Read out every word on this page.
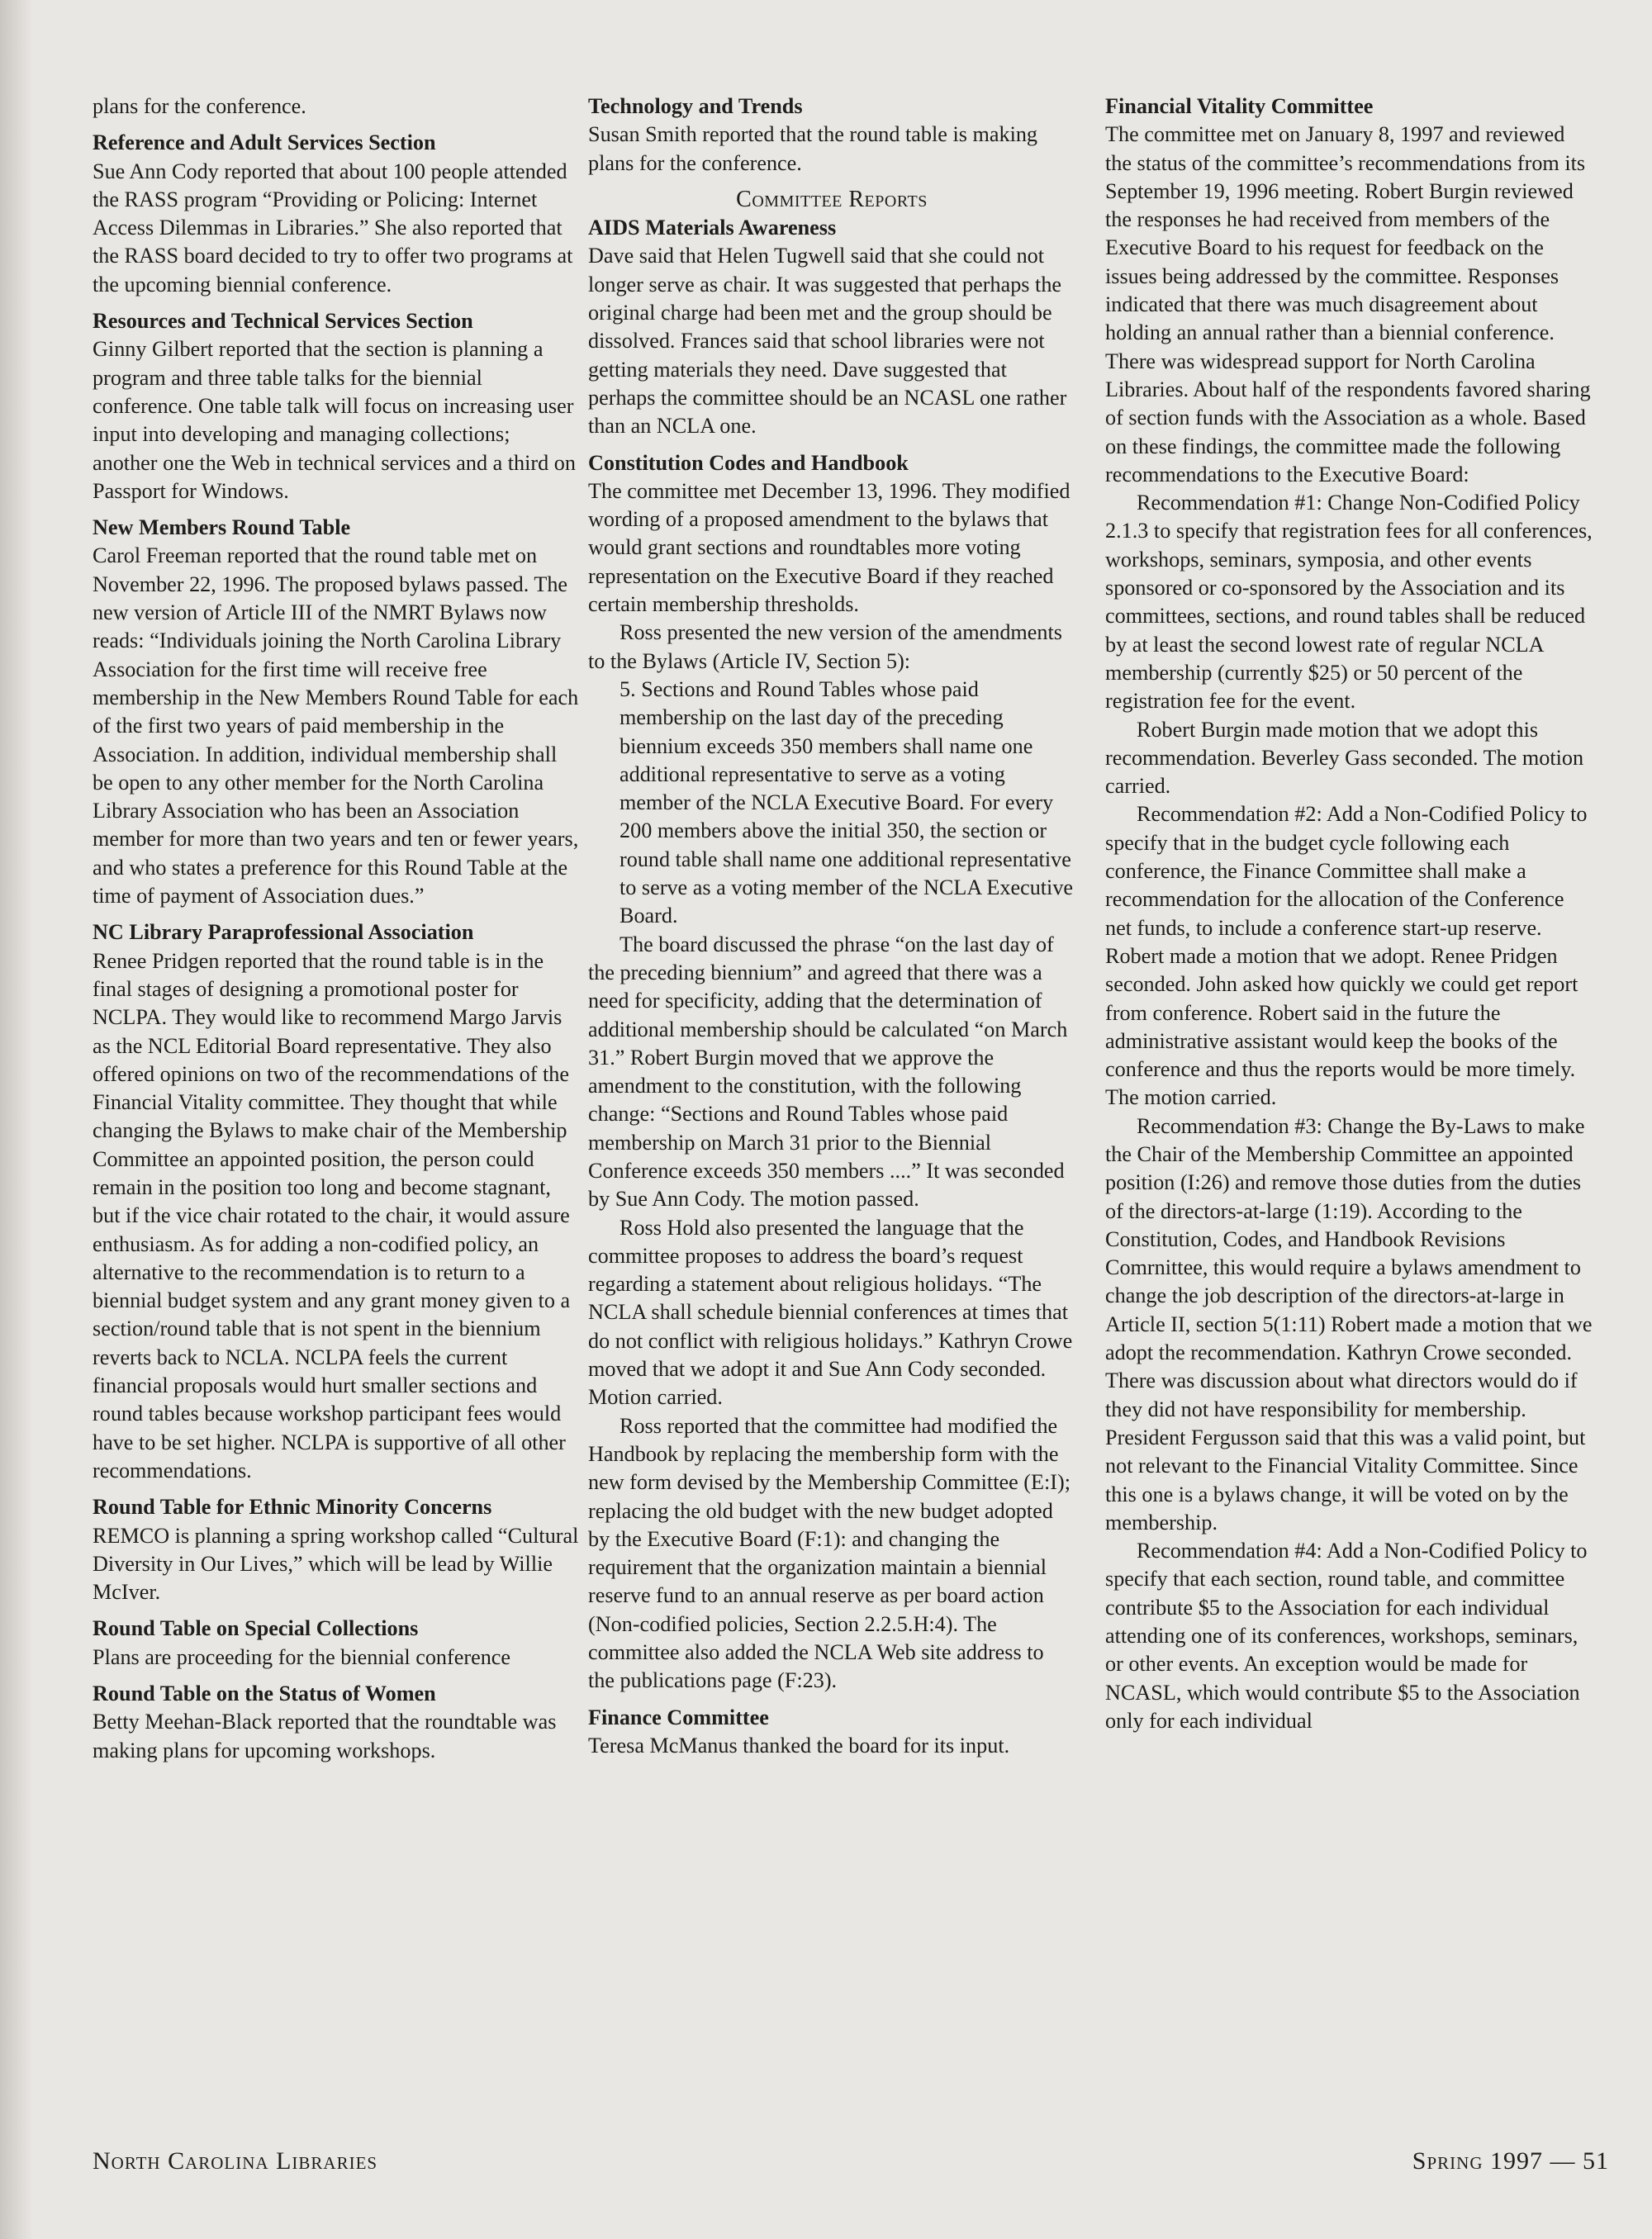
plans for the conference.

Reference and Adult Services Section

Sue Ann Cody reported that about 100 people attended the RASS program “Providing or Policing: Internet Access Dilemmas in Libraries.” She also reported that the RASS board decided to try to offer two programs at the upcoming biennial conference.

Resources and Technical Services Section

Ginny Gilbert reported that the section is planning a program and three table talks for the biennial conference. One table talk will focus on increasing user input into developing and managing collections; another one the Web in technical services and a third on Passport for Windows.

New Members Round Table

Carol Freeman reported that the round table met on November 22, 1996. The proposed bylaws passed. The new version of Article III of the NMRT Bylaws now reads: “Individuals joining the North Carolina Library Association for the first time will receive free membership in the New Members Round Table for each of the first two years of paid membership in the Association. In addition, individual membership shall be open to any other member for the North Carolina Library Association who has been an Association member for more than two years and ten or fewer years, and who states a preference for this Round Table at the time of payment of Association dues.”

NC Library Paraprofessional Association

Renee Pridgen reported that the round table is in the final stages of designing a promotional poster for NCLPA. They would like to recommend Margo Jarvis as the NCL Editorial Board representative. They also offered opinions on two of the recommendations of the Financial Vitality committee. They thought that while changing the Bylaws to make chair of the Membership Committee an appointed position, the person could remain in the position too long and become stagnant, but if the vice chair rotated to the chair, it would assure enthusiasm. As for adding a non-codified policy, an alternative to the recommendation is to return to a biennial budget system and any grant money given to a section/round table that is not spent in the biennium reverts back to NCLA. NCLPA feels the current financial proposals would hurt smaller sections and round tables because workshop participant fees would have to be set higher. NCLPA is supportive of all other recommendations.

Round Table for Ethnic Minority Concerns

REMCO is planning a spring workshop called “Cultural Diversity in Our Lives,” which will be lead by Willie McIver.

Round Table on Special Collections

Plans are proceeding for the biennial conference

Round Table on the Status of Women

Betty Meehan-Black reported that the roundtable was making plans for upcoming workshops.

Technology and Trends

Susan Smith reported that the round table is making plans for the conference.

Committee Reports
AIDS Materials Awareness

Dave said that Helen Tugwell said that she could not longer serve as chair. It was suggested that perhaps the original charge had been met and the group should be dissolved. Frances said that school libraries were not getting materials they need. Dave suggested that perhaps the committee should be an NCASL one rather than an NCLA one.

Constitution Codes and Handbook

The committee met December 13, 1996. They modified wording of a proposed amendment to the bylaws that would grant sections and roundtables more voting representation on the Executive Board if they reached certain membership thresholds.

Ross presented the new version of the amendments to the Bylaws (Article IV, Section 5):

5. Sections and Round Tables whose paid membership on the last day of the preceding biennium exceeds 350 members shall name one additional representative to serve as a voting member of the NCLA Executive Board. For every 200 members above the initial 350, the section or round table shall name one additional representative to serve as a voting member of the NCLA Executive Board.

The board discussed the phrase “on the last day of the preceding biennium” and agreed that there was a need for specificity, adding that the determination of additional membership should be calculated “on March 31.” Robert Burgin moved that we approve the amendment to the constitution, with the following change: “Sections and Round Tables whose paid membership on March 31 prior to the Biennial Conference exceeds 350 members ....” It was seconded by Sue Ann Cody. The motion passed.

Ross Hold also presented the language that the committee proposes to address the board’s request regarding a statement about religious holidays. “The NCLA shall schedule biennial conferences at times that do not conflict with religious holidays.” Kathryn Crowe moved that we adopt it and Sue Ann Cody seconded. Motion carried.

Ross reported that the committee had modified the Handbook by replacing the membership form with the new form devised by the Membership Committee (E:I); replacing the old budget with the new budget adopted by the Executive Board (F:1): and changing the requirement that the organization maintain a biennial reserve fund to an annual reserve as per board action (Non-codified policies, Section 2.2.5.H:4). The committee also added the NCLA Web site address to the publications page (F:23).

Finance Committee

Teresa McManus thanked the board for its input.

Financial Vitality Committee

The committee met on January 8, 1997 and reviewed the status of the committee’s recommendations from its September 19, 1996 meeting. Robert Burgin reviewed the responses he had received from members of the Executive Board to his request for feedback on the issues being addressed by the committee. Responses indicated that there was much disagreement about holding an annual rather than a biennial conference. There was widespread support for North Carolina Libraries. About half of the respondents favored sharing of section funds with the Association as a whole. Based on these findings, the committee made the following recommendations to the Executive Board:

Recommendation #1: Change Non-Codified Policy 2.1.3 to specify that registration fees for all conferences, workshops, seminars, symposia, and other events sponsored or co-sponsored by the Association and its committees, sections, and round tables shall be reduced by at least the second lowest rate of regular NCLA membership (currently $25) or 50 percent of the registration fee for the event.

Robert Burgin made motion that we adopt this recommendation. Beverley Gass seconded. The motion carried.

Recommendation #2: Add a Non-Codified Policy to specify that in the budget cycle following each conference, the Finance Committee shall make a recommendation for the allocation of the Conference net funds, to include a conference start-up reserve. Robert made a motion that we adopt. Renee Pridgen seconded. John asked how quickly we could get report from conference. Robert said in the future the administrative assistant would keep the books of the conference and thus the reports would be more timely. The motion carried.

Recommendation #3: Change the By-Laws to make the Chair of the Membership Committee an appointed position (I:26) and remove those duties from the duties of the directors-at-large (1:19). According to the Constitution, Codes, and Handbook Revisions Comrnittee, this would require a bylaws amendment to change the job description of the directors-at-large in Article II, section 5(1:11) Robert made a motion that we adopt the recommendation. Kathryn Crowe seconded. There was discussion about what directors would do if they did not have responsibility for membership. President Fergusson said that this was a valid point, but not relevant to the Financial Vitality Committee. Since this one is a bylaws change, it will be voted on by the membership.

Recommendation #4: Add a Non-Codified Policy to specify that each section, round table, and committee contribute $5 to the Association for each individual attending one of its conferences, workshops, seminars, or other events. An exception would be made for NCASL, which would contribute $5 to the Association only for each individual

North Carolina Libraries	Spring 1997 — 51
